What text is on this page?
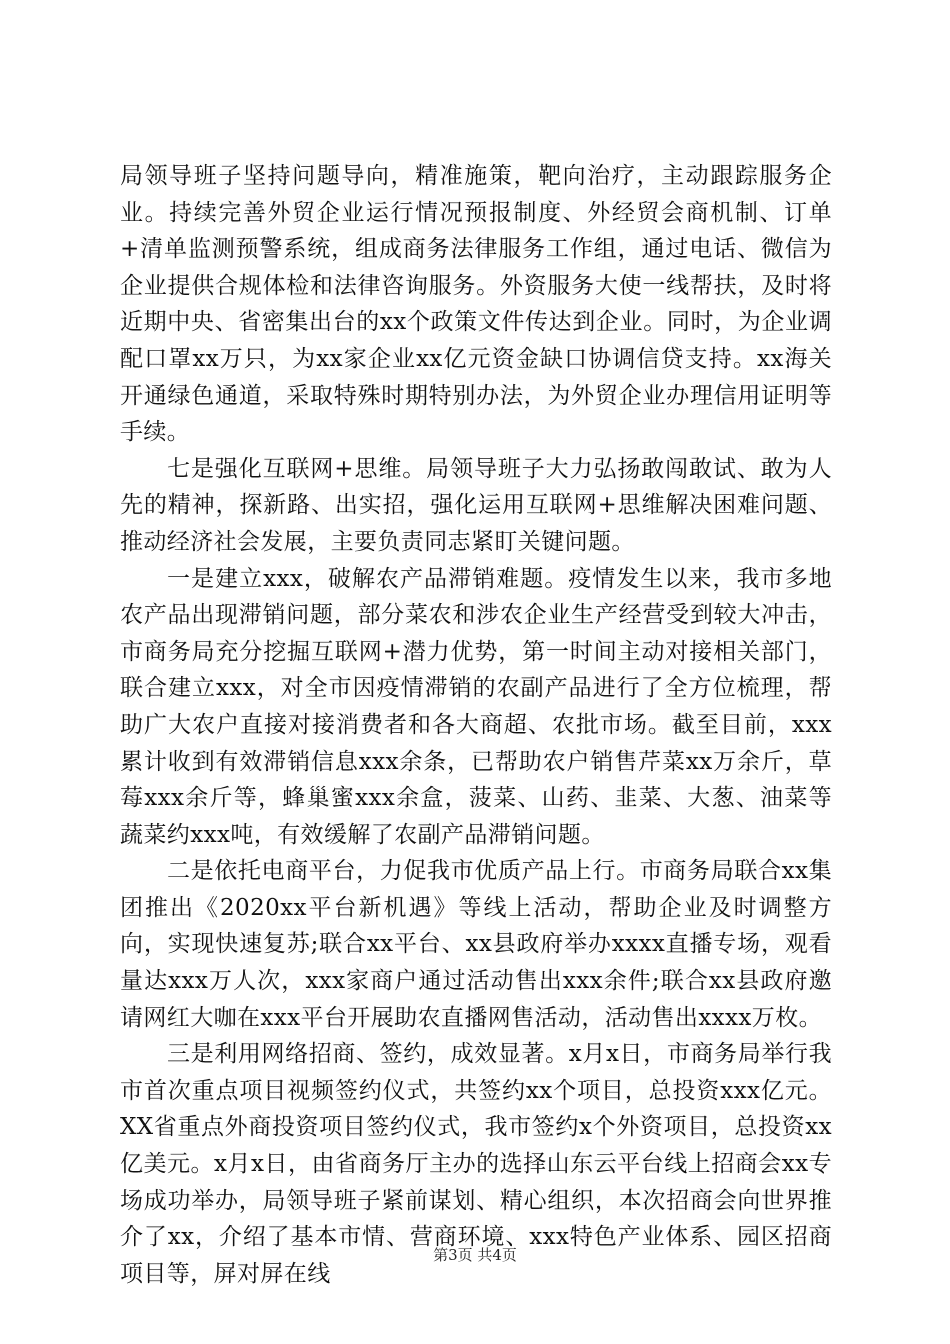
局领导班子坚持问题导向，精准施策，靶向治疗，主动跟踪服务企业。持续完善外贸企业运行情况预报制度、外经贸会商机制、订单+清单监测预警系统，组成商务法律服务工作组，通过电话、微信为企业提供合规体检和法律咨询服务。外资服务大使一线帮扶，及时将近期中央、省密集出台的xx个政策文件传达到企业。同时，为企业调配口罩xx万只，为xx家企业xx亿元资金缺口协调信贷支持。xx海关开通绿色通道，采取特殊时期特别办法，为外贸企业办理信用证明等手续。

七是强化互联网+思维。局领导班子大力弘扬敢闯敢试、敢为人先的精神，探新路、出实招，强化运用互联网+思维解决困难问题、推动经济社会发展，主要负责同志紧盯关键问题。

一是建立xxx，破解农产品滞销难题。疫情发生以来，我市多地农产品出现滞销问题，部分菜农和涉农企业生产经营受到较大冲击，市商务局充分挖掘互联网+潜力优势，第一时间主动对接相关部门，联合建立xxx，对全市因疫情滞销的农副产品进行了全方位梳理，帮助广大农户直接对接消费者和各大商超、农批市场。截至目前，xxx累计收到有效滞销信息xxx余条，已帮助农户销售芹菜xx万余斤，草莓xxx余斤等，蜂巢蜜xxx余盒，菠菜、山药、韭菜、大葱、油菜等蔬菜约xxx吨，有效缓解了农副产品滞销问题。

二是依托电商平台，力促我市优质产品上行。市商务局联合xx集团推出《2020xx平台新机遇》等线上活动，帮助企业及时调整方向，实现快速复苏;联合xx平台、xx县政府举办xxxx直播专场，观看量达xxx万人次，xxx家商户通过活动售出xxx余件;联合xx县政府邀请网红大咖在xxx平台开展助农直播网售活动，活动售出xxxx万枚。

三是利用网络招商、签约，成效显著。x月x日，市商务局举行我市首次重点项目视频签约仪式，共签约xx个项目，总投资xxx亿元。XX省重点外商投资项目签约仪式，我市签约x个外资项目，总投资xx亿美元。x月x日，由省商务厅主办的选择山东云平台线上招商会xx专场成功举办，局领导班子紧前谋划、精心组织，本次招商会向世界推介了xx，介绍了基本市情、营商环境、xxx特色产业体系、园区招商项目等，屏对屏在线

第3页 共4页
